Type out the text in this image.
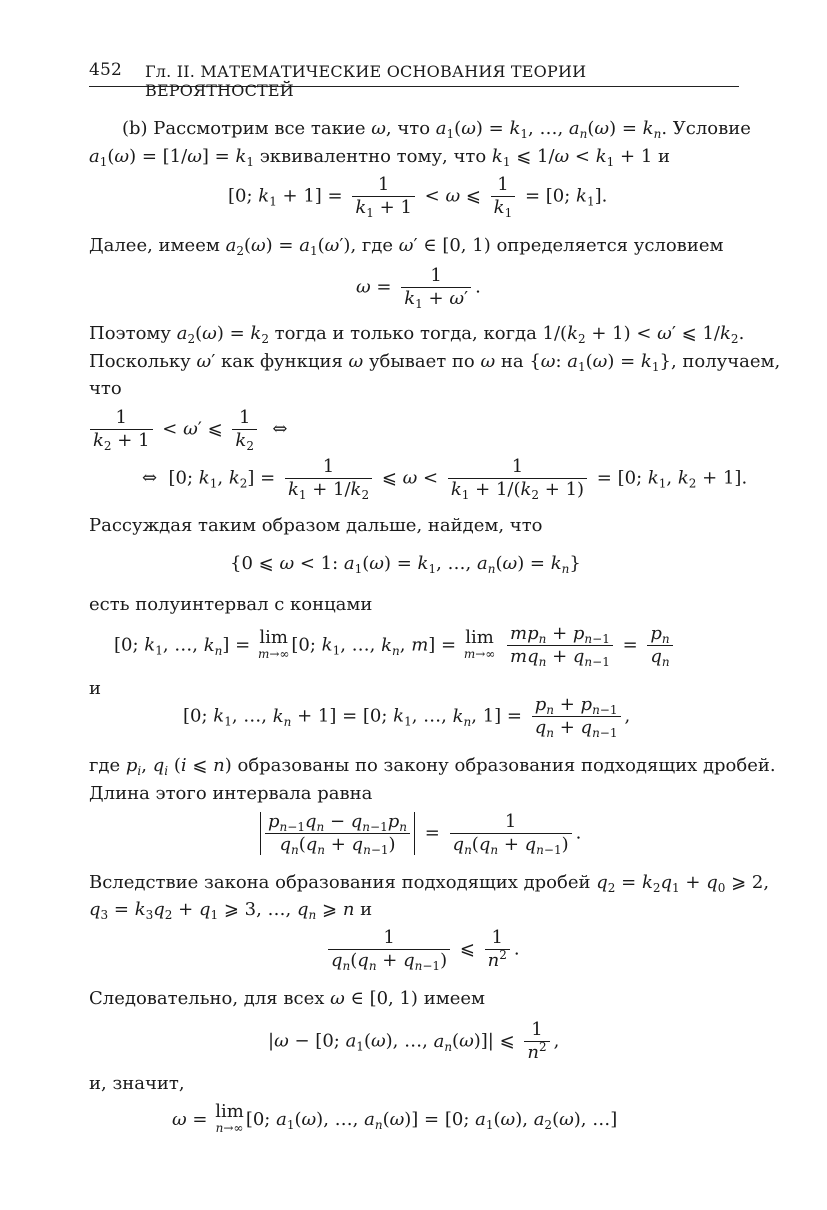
452 Гл. II. МАТЕМАТИЧЕСКИЕ ОСНОВАНИЯ ТЕОРИИ ВЕРОЯТНОСТЕЙ
(b) Рассмотрим все такие ω, что $a_1(\omega) = k_1$, …, $a_n(\omega) = k_n$. Условие
$a_1(\omega) = [1/\omega] = k_1$ эквивалентно тому, что $k_1$ ⩽ $1/\omega < k_1 + 1$ и
[0; $k_1 + 1] = \frac{1}{k_1 + 1} < \omega$ ⩽ $\frac{1}{k_1} = [0$; $k_1$].
Далее, имеем $a_2(\omega) = a_1(\omega')$, где ω′ ∈ [0, 1) определяется условием
$\omega = \frac{1}{k_1 + \omega'}$ .
Поэтому $a_2(\omega) = k_2$ тогда и только тогда, когда $1/(k_2 + 1) < \omega'$ ⩽ $1/k_2$.
Поскольку ω′ как функция ω убывает по ω на {ω: $a_1(\omega) = k_1$}, получаем,
что
$\frac{1}{k_2 + 1} < \omega'$ ⩽ $\frac{1}{k_2}$ ⇔
⇔  [0; $k_1$, $k_2] = \frac{1}{k_1 + 1/k_2}$ ⩽ $\omega < \frac{1}{k_1 + 1/(k_2 + 1)} = [0$; $k_1$, $k_2 + 1$].
Рассуждая таким образом дальше, найдем, что
{0 ⩽ ω < 1: $a_1(\omega) = k_1$, …, $a_n(\omega) = k_n$}
есть полуинтервал с концами
[0; $k_1$, …, $k_n] = \lim$
m→∞ [0; $k_1$, …, $k_n$, m] = lim
m→∞
$\frac{mp_n + p_{n-1}}{mq_n + q_{n-1}} = \frac{p_n}{q_n}$
и
[0; $k_1$, …, $k_n + 1] = [0$; $k_1$, …, $k_n$, $1] = \frac{p_n + p_{n-1}}{q_n + q_{n-1}}$ ,
где $p_i$, $q_i$ (i ⩽ n) образованы по закону образования подходящих дробей.
Длина этого интервала равна
$\frac{p_{n-1}q_n - q_{n-1}p_n}{q_n(q_n + q_{n-1})} = \frac{1}{q_n(q_n + q_{n-1})}$ .
Вследствие закона образования подходящих дробей $q_2 = k_2q_1 + q_0$ ⩾ 2,
$q_3 = k_3q_2 + q_1$ ⩾ 3, …, $q_n$ ⩾ n и
$\frac{1}{q_n(q_n + q_{n-1})}$ ⩽ $\frac{1}{n^2}$ .
Следовательно, для всех ω ∈ [0, 1) имеем
|ω − [0; $a_1(\omega)$, …, $a_n(\omega)]|$ ⩽ $\frac{1}{n^2}$ ,
и, значит,
ω = lim
n→∞ [0; $a_1(\omega)$, …, $a_n(\omega)] = [0$; $a_1(\omega)$, $a_2(\omega)$, …]
